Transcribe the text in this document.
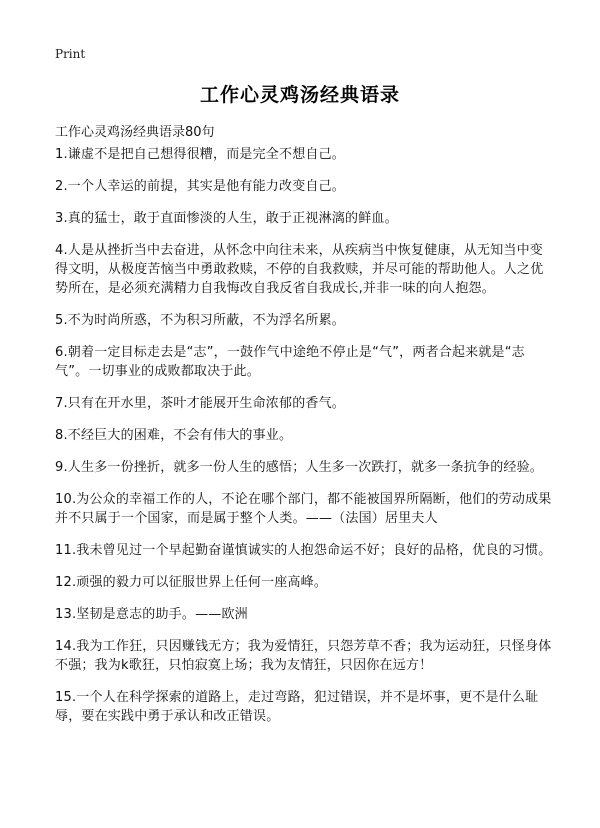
Print
工作心灵鸡汤经典语录
工作心灵鸡汤经典语录80句

1.谦虚不是把自己想得很糟，而是完全不想自己。

2.一个人幸运的前提，其实是他有能力改变自己。

3.真的猛士，敢于直面惨淡的人生，敢于正视淋漓的鲜血。

4.人是从挫折当中去奋进，从怀念中向往未来，从疾病当中恢复健康，从无知当中变得文明，从极度苦恼当中勇敢救赎，不停的自我救赎，并尽可能的帮助他人。人之优势所在，是必须充满精力自我悔改自我反省自我成长,并非一味的向人抱怨。

5.不为时尚所惑，不为积习所蔽，不为浮名所累。

6.朝着一定目标走去是“志”，一鼓作气中途绝不停止是“气”，两者合起来就是“志气”。一切事业的成败都取决于此。

7.只有在开水里，茶叶才能展开生命浓郁的香气。

8.不经巨大的困难，不会有伟大的事业。

9.人生多一份挫折，就多一份人生的感悟；人生多一次跌打，就多一条抗争的经验。

10.为公众的幸福工作的人，不论在哪个部门，都不能被国界所隔断，他们的劳动成果并不只属于一个国家，而是属于整个人类。——（法国）居里夫人

11.我未曾见过一个早起勤奋谨慎诚实的人抱怨命运不好；良好的品格，优良的习惯。

12.顽强的毅力可以征服世界上任何一座高峰。

13.坚韧是意志的助手。——欧洲

14.我为工作狂，只因赚钱无方；我为爱情狂，只怨芳草不香；我为运动狂，只怪身体不强；我为k歌狂，只怕寂寞上场；我为友情狂，只因你在远方！

15.一个人在科学探索的道路上，走过弯路，犯过错误，并不是坏事，更不是什么耻辱，要在实践中勇于承认和改正错误。
